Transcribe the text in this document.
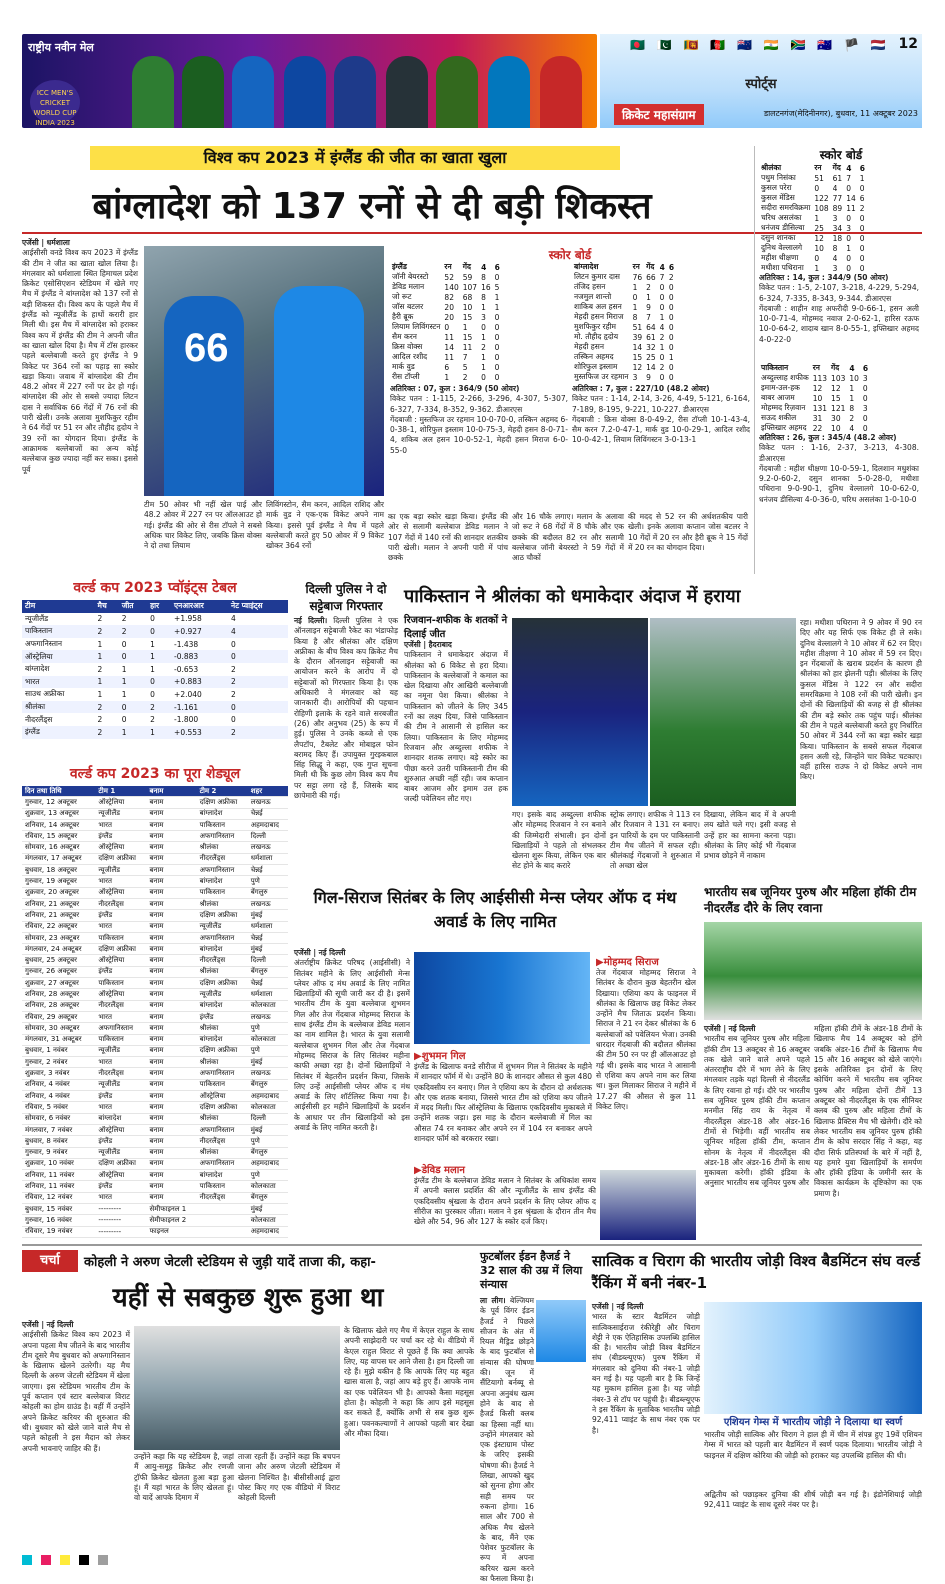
राष्ट्रीय नवीन मेल
ICC MEN'S CRICKET WORLD CUP INDIA 2023
🇧🇩 🇵🇰 🇱🇰 🇦🇫 🇳🇿 🇮🇳 🇿🇦 🇦🇺 🏴 🇳🇱 12
स्पोर्ट्स
क्रिकेट महासंग्राम	डालटनगंज(मेदिनीनगर), बुधवार, 11 अक्टूबर 2023
विश्व कप 2023 में इंग्लैंड की जीत का खाता खुला
बांग्लादेश को 137 रनों से दी बड़ी शिकस्त
एजेंसी | धर्मशाला
आईसीसी वनडे विश्व कप 2023 में इंग्लैंड की टीम ने जीत का खाता खोल लिया है। मंगलवार को धर्मशाला स्थित हिमाचल प्रदेश क्रिकेट एसोसिएशन स्टेडियम में खेले गए मैच में इंग्लैंड ने बांग्लादेश को 137 रनों से बड़ी शिकस्त दी। विश्व कप के पहले मैच में इंग्लैंड को न्यूजीलैंड के हाथों करारी हार मिली थी। इस मैच में बांग्लादेश को हराकर विश्व कप में इंग्लैंड की टीम ने अपनी जीत का खाता खोल दिया है। मैच में टॉस हारकर पहले बल्लेबाजी करते हुए इंग्लैंड ने 9 विकेट पर 364 रनों का पहाड़ सा स्कोर खड़ा किया। जवाब में बांग्लादेश की टीम 48.2 ओवर में 227 रनों पर ढेर हो गई। बांग्लादेश की ओर से सबसे ज्यादा लिटन दास ने सर्वाधिक 66 गेंदों में 76 रनों की पारी खेली। उनके अलावा मुशफिकुर रहीम ने 64 गेंदों पर 51 रन और तौहीद हृदोय ने 39 रनों का योगदान दिया। इंग्लैंड के आक्रामक बल्लेबाजों का अन्य कोई बल्लेबाज कुछ ज्यादा नहीं कर सका। इससे पूर्व
66
टीम 50 ओवर भी नहीं खेल पाई और 48.2 ओवर में 227 रन पर ऑलआउट हो गई। इंग्लैंड की ओर से रीस टॉपले ने सबसे अधिक चार विकेट लिए, जबकि क्रिस वोक्स ने दो तथा लियाम
लिविंगस्टोन, सैम करन, आदिल राशिद और मार्क वुड ने एक-एक विकेट अपने नाम किया। इससे पूर्व इंग्लैंड ने मैच में पहले बल्लेबाजी करते हुए 50 ओवर में 9 विकेट खोकर 364 रनों
का एक बड़ा स्कोर खड़ा किया। इंग्लैंड की ओर से सलामी बल्लेबाज डेविड मलान ने 107 गेंदों में 140 रनों की शानदार शतकीय पारी खेली। मलान ने अपनी पारी में पांच छक्के
और 16 चौके लगाए। मलान के अलावा जो रूट ने 68 गेंदों में 8 चौके और एक छक्के की बदौलत 82 रन और सलामी बल्लेबाज जॉनी बेयरस्टो ने 59 गेंदों में आठ चौकों
की मदद से 52 रन की अर्धशतकीय पारी खेली। इनके अलावा कप्तान जोस बटलर ने 10 गेंदों में 20 रन और हैरी ब्रूक ने 15 गेंदों में 20 रन का योगदान दिया।
स्कोर बोर्ड
इंग्लैंड	रन	गेंद	4	6
जॉनी बेयरस्टो	52	59	8	0
डेविड मलान	140	107	16	5
जो रूट	82	68	8	1
जॉस बटलर	20	10	1	1
हैरी ब्रूक	20	15	3	0
लियाम लिविंगस्टन	0	1	0	0
सैम करन	11	15	1	0
क्रिस वोक्स	14	11	2	0
आदिल रशीद	11	7	1	0
मार्क वुड	6	5	1	0
रीस टॉप्ली	1	2	0	0
बांग्लादेश	रन	गेंद	4	6
लिटन कुमार दास	76	66	7	2
तंजिद हसन	1	2	0	0
नजमुल शान्तो	0	1	0	0
शाकिब अल हसन	1	9	0	0
मेहदी हसन मिराज	8	7	1	0
मुशफिकुर रहीम	51	64	4	0
मो. तौहीद हृदोय	39	61	2	0
मेहदी हसन	14	32	1	0
तस्किन अहमद	15	25	0	1
शोरिफुल इस्लाम	12	14	2	0
मुस्तफिज उर रहमान	3	9	0	0
अतिरिक्त : 07, कुल : 364/9 (50 ओवर)
विकेट पतन : 1-115, 2-266, 3-296, 4-307, 5-307, 6-327, 7-334, 8-352, 9-362. डीआरएस
गेंदबाजी : मुस्तफिज उर रहमान 10-0-70-0, तस्किन अहमद 6-0-38-1, शोरिफुल इस्लाम 10-0-75-3, मेहदी हसन 8-0-71-4, शकिब अल हसन 10-0-52-1, मेहदी हसन मिराज 6-0-55-0
अतिरिक्त : 7, कुल : 227/10 (48.2 ओवर)
विकेट पतन : 1-14, 2-14, 3-26, 4-49, 5-121, 6-164, 7-189, 8-195, 9-221, 10-227. डीआरएस
गेंदबाजी : क्रिस वोक्स 8-0-49-2, रीस टॉप्ली 10-1-43-4, सैम करन 7.2-0-47-1, मार्क वुड 10-0-29-1, आदिल रशीद 10-0-42-1, लियाम लिविंगस्टन 3-0-13-1
स्कोर बोर्ड
श्रीलंका	रन	गेंद	4	6
पथुम निसंका	51	61	7	1
कुसल परेरा	0	4	0	0
कुसल मेंडिस	122	77	14	6
सदीरा समरविक्रमा	108	89	11	2
चरिथ असलंका	1	3	0	0
धनंजय डीसिल्वा	25	34	3	0
दसुन शानका	12	18	0	0
दुनिथ वेल्लालगे	10	8	1	0
महीश थीक्षणा	0	4	0	0
मथीशा पथिराना	1	3	0	0
अतिरिक्त : 14, कुल : 344/9 (50 ओवर)
विकेट पतन : 1-5, 2-107, 3-218, 4-229, 5-294, 6-324, 7-335, 8-343, 9-344. डीआरएस
गेंदबाजी : शाहीन शाह अफरीदी 9-0-66-1, हसन अली 10-0-71-4, मोहम्मद नवाज 2-0-62-1, हारिस रऊफ 10-0-64-2, शादाब खान 8-0-55-1, इफ्तिखार अहमद 4-0-22-0
पाकिस्तान	रन	गेंद	4	6
अब्दुल्लाह शफीक	113	103	10	3
इमाम-उल-हक	12	12	1	0
बाबर आजम	10	15	1	0
मोहम्मद रिज़वान	131	121	8	3
सऊद शकील	31	30	2	0
इफ्तिखार अहमद	22	10	4	0
अतिरिक्त : 26, कुल : 345/4 (48.2 ओवर)
विकेट पतन : 1-16, 2-37, 3-213, 4-308. डीआरएस
गेंदबाजी : महीश थीक्षणा 10-0-59-1, दिलशान मधुशंका 9.2-0-60-2, दसुन शानका 5-0-28-0, मथीशा पथिराना 9-0-90-1, दुनिथ वेल्लालगे 10-0-62-0, धनंजय डीसिल्वा 4-0-36-0, चरिथ असलंका 1-0-10-0
वर्ल्ड कप 2023 प्वॉइंट्स टेबल
टीम	मैच	जीत	हार	एनआरआर	नेट प्वाइंट्स
न्यूजीलैंड	2	2	0	+1.958	4
पाकिस्तान	2	2	0	+0.927	4
अफगानिस्तान	1	0	1	-1.438	0
ऑस्ट्रेलिया	1	0	1	-0.883	0
बांग्लादेश	2	1	1	-0.653	2
भारत	1	1	0	+0.883	2
साउथ अफ्रीका	1	1	0	+2.040	2
श्रीलंका	2	0	2	-1.161	0
नीदरलैंड्स	2	0	2	-1.800	0
इंग्लैंड	2	1	1	+0.553	2
वर्ल्ड कप 2023 का पूरा शेड्यूल
दिन तथा तिथि	टीम 1	बनाम	टीम 2	शहर
गुरुवार, 12 अक्टूबर	ऑस्ट्रेलिया	बनाम	दक्षिण अफ्रीका	लखनऊ
शुक्रवार, 13 अक्टूबर	न्यूजीलैंड	बनाम	बांग्लादेश	चेन्नई
शनिवार, 14 अक्टूबर	भारत	बनाम	पाकिस्तान	अहमदाबाद
रविवार, 15 अक्टूबर	इंग्लैंड	बनाम	अफगानिस्तान	दिल्ली
सोमवार, 16 अक्टूबर	ऑस्ट्रेलिया	बनाम	श्रीलंका	लखनऊ
मंगलवार, 17 अक्टूबर	दक्षिण अफ्रीका	बनाम	नीदरलैंड्स	धर्मशाला
बुधवार, 18 अक्टूबर	न्यूजीलैंड	बनाम	अफगानिस्तान	चेन्नई
गुरुवार, 19 अक्टूबर	भारत	बनाम	बांग्लादेश	पुणे
शुक्रवार, 20 अक्टूबर	ऑस्ट्रेलिया	बनाम	पाकिस्तान	बेंगलुरु
शनिवार, 21 अक्टूबर	नीदरलैंड्स	बनाम	श्रीलंका	लखनऊ
शनिवार, 21 अक्टूबर	इंग्लैंड	बनाम	दक्षिण अफ्रीका	मुंबई
रविवार, 22 अक्टूबर	भारत	बनाम	न्यूजीलैंड	धर्मशाला
सोमवार, 23 अक्टूबर	पाकिस्तान	बनाम	अफगानिस्तान	चेन्नई
मंगलवार, 24 अक्टूबर	दक्षिण अफ्रीका	बनाम	बांग्लादेश	मुंबई
बुधवार, 25 अक्टूबर	ऑस्ट्रेलिया	बनाम	नीदरलैंड्स	दिल्ली
गुरुवार, 26 अक्टूबर	इंग्लैंड	बनाम	श्रीलंका	बेंगलुरु
शुक्रवार, 27 अक्टूबर	पाकिस्तान	बनाम	दक्षिण अफ्रीका	चेन्नई
शनिवार, 28 अक्टूबर	ऑस्ट्रेलिया	बनाम	न्यूजीलैंड	धर्मशाला
शनिवार, 28 अक्टूबर	नीदरलैंड्स	बनाम	बांग्लादेश	कोलकाता
रविवार, 29 अक्टूबर	भारत	बनाम	इंग्लैंड	लखनऊ
सोमवार, 30 अक्टूबर	अफगानिस्तान	बनाम	श्रीलंका	पुणे
मंगलवार, 31 अक्टूबर	पाकिस्तान	बनाम	बांग्लादेश	कोलकाता
बुधवार, 1 नवंबर	न्यूजीलैंड	बनाम	दक्षिण अफ्रीका	पुणे
गुरुवार, 2 नवंबर	भारत	बनाम	श्रीलंका	मुंबई
शुक्रवार, 3 नवंबर	नीदरलैंड्स	बनाम	अफगानिस्तान	लखनऊ
शनिवार, 4 नवंबर	न्यूजीलैंड	बनाम	पाकिस्तान	बेंगलुरु
शनिवार, 4 नवंबर	इंग्लैंड	बनाम	ऑस्ट्रेलिया	अहमदाबाद
रविवार, 5 नवंबर	भारत	बनाम	दक्षिण अफ्रीका	कोलकाता
सोमवार, 6 नवंबर	बांग्लादेश	बनाम	श्रीलंका	दिल्ली
मंगलवार, 7 नवंबर	ऑस्ट्रेलिया	बनाम	अफगानिस्तान	मुंबई
बुधवार, 8 नवंबर	इंग्लैंड	बनाम	नीदरलैंड्स	पुणे
गुरुवार, 9 नवंबर	न्यूजीलैंड	बनाम	श्रीलंका	बेंगलुरु
शुक्रवार, 10 नवंबर	दक्षिण अफ्रीका	बनाम	अफगानिस्तान	अहमदाबाद
शनिवार, 11 नवंबर	ऑस्ट्रेलिया	बनाम	बांग्लादेश	पुणे
शनिवार, 11 नवंबर	इंग्लैंड	बनाम	पाकिस्तान	कोलकाता
रविवार, 12 नवंबर	भारत	बनाम	नीदरलैंड्स	बेंगलुरु
बुधवार, 15 नवंबर	---------	सेमीफाइनल 1		मुंबई
गुरुवार, 16 नवंबर	---------	सेमीफाइनल 2		कोलकाता
रविवार, 19 नवंबर	---------	फाइनल		अहमदाबाद
दिल्ली पुलिस ने दो सट्टेबाज गिरफ्तार
नई दिल्ली। दिल्ली पुलिस ने एक ऑनलाइन सट्टेबाजी रैकेट का भंडाफोड़ किया है और श्रीलंका और दक्षिण अफ्रीका के बीच विश्व कप क्रिकेट मैच के दौरान ऑनलाइन सट्टेबाजी का आयोजन करने के आरोप में दो सट्टेबाजों को गिरफ्तार किया है। एक अधिकारी ने मंगलवार को यह जानकारी दी। आरोपियों की पहचान रोहिणी इलाके के रहने वाले सरबजीत (26) और अनुभव (25) के रूप में हुई। पुलिस ने उनके कब्जे से एक लैपटॉप, टैबलेट और मोबाइल फोन बरामद किए हैं। उपायुक्त गुरइकबाल सिंह सिद्धू ने कहा, एक गुप्त सूचना मिली थी कि कुछ लोग विश्व कप मैच पर सट्टा लगा रहे हैं, जिसके बाद छापेमारी की गई।
पाकिस्तान ने श्रीलंका को धमाकेदार अंदाज में हराया
रिजवान-शफीक के शतकों ने दिलाई जीत
एजेंसी | हैदराबाद
पाकिस्तान ने धमाकेदार अंदाज में श्रीलंका को 6 विकेट से हरा दिया। पाकिस्तान के बल्लेबाजों ने कमाल का खेल दिखाया और आखिरी बल्लेबाजी का नमूना पेश किया। श्रीलंका ने पाकिस्तान को जीतने के लिए 345 रनों का लक्ष्य दिया, जिसे पाकिस्तान की टीम ने आसानी से हासिल कर लिया। पाकिस्तान के लिए मोहम्मद रिजवान और अब्दुल्ला शफीक ने शानदार शतक लगाए। बड़े स्कोर का पीछा करने उतरी पाकिस्तानी टीम की शुरुआत अच्छी नहीं रही। जब कप्तान बाबर आजम और इमाम उल हक जल्दी पवेलियन लौट गए।
गए। इसके बाद अब्दुल्ला शफीक और मोहम्मद रिजवान ने रन बनाने की जिम्मेदारी संभाली। इन दोनों खिलाड़ियों ने पहले तो संभलकर खेलना शुरू किया, लेकिन एक बार सेट होने के बाद करारे
स्ट्रोक लगाए। शफीक ने 113 रन और रिजवान ने 131 रन बनाए। इन पारियों के दम पर पाकिस्तानी टीम मैच जीतने में सफल रही। श्रीलंकाई गेंदबाजों ने शुरुआत में तो अच्छा खेल
दिखाया, लेकिन बाद में वे अपनी लय खोते चले गए। इसी वजह से उन्हें हार का सामना करना पड़ा। श्रीलंका के लिए कोई भी गेंदबाज प्रभाव छोड़ने में नाकाम
रहा। मथीशा पथिराना ने 9 ओवर में 90 रन दिए और यह सिर्फ एक विकेट ही ले सके। दुनिथ वेल्लालगे ने 10 ओवर में 62 रन दिए। महीश तीक्षणा ने 10 ओवर में 59 रन दिए। इन गेंदबाजों के खराब प्रदर्शन के कारण ही श्रीलंका को हार झेलनी पड़ी। श्रीलंका के लिए कुसल मेंडिस ने 122 रन और सदीरा समरविक्रमा ने 108 रनों की पारी खेली। इन दोनों की खिलाड़ियों की वजह से ही श्रीलंका की टीम बड़े स्कोर तक पहुंच पाई। श्रीलंका की टीम ने पहले बल्लेबाजी करते हुए निर्धारित 50 ओवर में 344 रनों का बड़ा स्कोर खड़ा किया। पाकिस्तान के सबसे सफल गेंदबाज हसन अली रहे, जिन्होंने चार विकेट चटकाए। वहीं हारिस राउफ ने दो विकेट अपने नाम किए।
गिल-सिराज सितंबर के लिए आईसीसी मेन्स प्लेयर ऑफ द मंथ अवार्ड के लिए नामित
एजेंसी | नई दिल्ली
अंतर्राष्ट्रीय क्रिकेट परिषद (आईसीसी) ने सितंबर महीने के लिए आईसीसी मेन्स प्लेयर ऑफ द मंथ अवार्ड के लिए नामित खिलाड़ियों की सूची जारी कर दी है। इसमें भारतीय टीम के युवा बल्लेबाज शुभमन गिल और तेज गेंदबाज मोहम्मद सिराज के साथ इंग्लैंड टीम के बल्लेबाज डेविड मलान का नाम शामिल है। भारत के युवा सलामी बल्लेबाज शुभमन गिल और तेज गेंदबाज मोहम्मद सिराज के लिए सितंबर महीना काफी अच्छा रहा है। दोनों खिलाड़ियों ने सितंबर में बेहतरीन प्रदर्शन किया, जिसके लिए उन्हें आईसीसी प्लेयर ऑफ द मंथ अवार्ड के लिए शॉर्टलिस्ट किया गया है। आईसीसी हर महीने खिलाड़ियों के प्रदर्शन के आधार पर तीन खिलाड़ियों को इस अवार्ड के लिए नामित करती है।
▶मोहम्मद सिराज
तेज गेंदबाज मोहम्मद सिराज ने सितंबर के दौरान कुछ बेहतरीन खेल दिखाया। एशिया कप के फाइनल में श्रीलंका के खिलाफ छह विकेट लेकर उन्होंने मैच जिताऊ प्रदर्शन किया। सिराज ने 21 रन देकर श्रीलंका के 6 बल्लेबाजों को पवेलियन भेजा। उनकी धारदार गेंदबाजी की बदौलत श्रीलंका की टीम 50 रन पर ही ऑलआउट हो गई थी। इसके बाद भारत ने आसानी से एशिया कप अपने नाम कर लिया था। कुल मिलाकर सिराज ने महीने में 17.27 की औसत से कुल 11 विकेट लिए।
▶शुभमन गिल
इंग्लैंड के खिलाफ वनडे सीरीज में शुभमन गिल ने सितंबर के महीने में शानदार फॉर्म में थे। उन्होंने 80 के शानदार औसत से कुल 480 एकदिवसीय रन बनाए। गिल ने एशिया कप के दौरान दो अर्धशतक और एक शतक बनाया, जिससे भारत टीम को एशिया कप जीतने में मदद मिली। फिर ऑस्ट्रेलिया के खिलाफ एकदिवसीय मुकाबले में उन्होंने शतक जड़ा। इस माह के दौरान बल्लेबाजी में गिल का औसत 74 रन बनाकर और अपने रन में 104 रन बनाकर अपने शानदार फॉर्म को बरकरार रखा।
▶डेविड मलान
इंग्लैंड टीम के बल्लेबाज डेविड मलान ने सितंबर के अधिकांश समय में अपनी क्लास प्रदर्शित की और न्यूजीलैंड के साथ इंग्लैंड की एकदिवसीय श्रृंखला के दौरान अपने प्रदर्शन के लिए प्लेयर ऑफ द सीरीज का पुरस्कार जीता। मलान ने इस श्रृंखला के दौरान तीन मैच खेले और 54, 96 और 127 के स्कोर दर्ज किए।
भारतीय सब जूनियर पुरुष और महिला हॉकी टीम नीदरलैंड दौरे के लिए रवाना
एजेंसी | नई दिल्ली
भारतीय सब जूनियर पुरुष और महिला हॉकी टीम 13 अक्टूबर से 16 अक्टूबर तक खेले जाने वाले अपने पहले अंतरराष्ट्रीय दौरे में भाग लेने के लिए मंगलवार तड़के यहां दिल्ली से नीदरलैंड के लिए रवाना हो गई। दौरे पर भारतीय सब जूनियर पुरुष हॉकी टीम कप्तान मनमीत सिंह राय के नेतृत्व में नीदरलैंड्स अंडर-18 और अंडर-16 टीमों से भिड़ेगी। वहीं भारतीय सब जूनियर महिला हॉकी टीम, कप्तान सोनम के नेतृत्व में नीदरलैंड्स की अंडर-18 और अंडर-16 टीमों के साथ मुकाबला करेगी। हॉकी इंडिया के अनुसार भारतीय सब जूनियर पुरुष और
महिला हॉकी टीमें के अंडर-18 टीमों के खिलाफ मैच 14 अक्टूबर को होंगे जबकि अंडर-16 टीमों के खिलाफ मैच 15 और 16 अक्टूबर को खेले जाएंगे। इसके अतिरिक्त इन दोनों के लिए कोचिंग करने में भारतीय सब जूनियर पुरुष और महिला दोनों टीमें 13 अक्टूबर को नीदरलैंड्स के एक सीनियर क्लब की पुरुष और महिला टीमों के खिलाफ प्रैक्टिस मैच भी खेलेगी। दौरे को लेकर भारतीय सब जूनियर पुरुष हॉकी टीम के कोच सरदार सिंह ने कहा, यह दौरा सिर्फ प्रतिस्पर्धा के बारे में नहीं है, यह हमारे युवा खिलाड़ियों के समर्पण और हॉकी इंडिया के जमीनी स्तर के विकास कार्यक्रम के दृष्टिकोण का एक प्रमाण है।
चर्चा	कोहली ने अरुण जेटली स्टेडियम से जुड़ी यादें ताजा की, कहा-
यहीं से सबकुछ शुरू हुआ था
एजेंसी | नई दिल्ली
आईसीसी क्रिकेट विश्व कप 2023 में अपना पहला मैच जीतने के बाद भारतीय टीम दूसरे मैच बुधवार को अफगानिस्तान के खिलाफ खेलने उतरेगी। यह मैच दिल्ली के अरुण जेटली स्टेडियम में खेला जाएगा। इस स्टेडियम भारतीय टीम के पूर्व कप्तान एवं स्टार बल्लेबाज विराट कोहली का होम ग्राउंड है। वहीं मैं उन्होंने अपने क्रिकेट करियर की शुरुआत की थी। बुधवार को खेले जाने वाले मैच से पहले कोहली ने इस मैदान को लेकर अपनी भावनाएं जाहिर की हैं।
उन्होंने कहा कि यह स्टेडियम है, जहां मैं आयु-समूह क्रिकेट और रणजी ट्रॉफी क्रिकेट खेलता हुआ बड़ा हुआ हूं। मैं यहां भारत के लिए खेलता हूं। वो यादें आपके दिमाग में
ताजा रहती हैं। उन्होंने कहा कि बचपन जाना और अरुण जेटली स्टेडियम में खेलना निश्चित है। बीसीसीआई द्वारा पोस्ट किए गए एक वीडियो में विराट कोहली दिल्ली
के खिलाफ खेले गए मैच में केएल राहुल के साथ अपनी साझेदारी पर चर्चा कर रहे थे। वीडियो में केएल राहुल विराट से पूछते हैं कि क्या आपके लिए, यह वापस घर आने जैसा है। हम दिल्ली जा रहे हैं। मुझे यकीन है कि आपके लिए यह बहुत खास वाला है, जहां आप बड़े हुए हैं। आपके नाम का एक पवेलियन भी है। आपको कैसा महसूस होता है। कोहली ने कहा कि आप इसे महसूस कर सकते हैं, क्योंकि अभी से सब कुछ शुरू हुआ। पवनकल्याणों ने आपको पहली बार देखा और मौका दिया।
फुटबॉलर ईडन हैजर्ड ने 32 साल की उम्र में लिया संन्यास
ला लीग। बेल्जियम के पूर्व विंगर ईडन हैजर्ड ने पिछले सीजन के अंत में रियल मैड्रिड छोड़ने के बाद फुटबॉल से संन्यास की घोषणा की। जून में सैंटियागो बर्नब्यू से अपना अनुबंध खत्म होने के बाद से हैजर्ड किसी क्लब का हिस्सा नहीं था। उन्होंने मंगलवार को एक इंस्टाग्राम पोस्ट के जरिए इसकी घोषणा की। हैजर्ड ने लिखा, आपको खुद को सुनना होगा और सही समय पर रुकना होगा। 16 साल और 700 से अधिक मैच खेलने के बाद, मैंने एक पेशेवर फुटबॉलर के रूप में अपना करियर खत्म करने का फैसला किया है।
सात्विक व चिराग की भारतीय जोड़ी विश्व बैडमिंटन संघ वर्ल्ड रैंकिंग में बनी नंबर-1
एजेंसी | नई दिल्ली
भारत के स्टार बैडमिंटन जोड़ी सात्विकसाईराज रंकीरेड्डी और चिराग शेट्टी ने एक ऐतिहासिक उपलब्धि हासिल की है। भारतीय जोड़ी विश्व बैडमिंटन संघ (बीडब्ल्यूएफ) पुरुष रैंकिंग में मंगलवार को दुनिया की नंबर-1 जोड़ी बन गई है। यह पहली बार है कि जिन्हें यह मुकाम हासिल हुआ है। यह जोड़ी नंबर-3 से टॉप पर पहुंची है। बीडब्ल्यूएफ ने इस रैंकिंग के मुताबिक भारतीय जोड़ी 92,411 प्वाइंट के साथ नंबर एक पर है।
एशियन गेम्स में भारतीय जोड़ी ने दिलाया था स्वर्ण
भारतीय जोड़ी सात्विक और चिराग ने हाल ही में चीन में संपन्न हुए 19वें एशियन गेम्स में भारत को पहली बार बैडमिंटन में स्वर्ण पदक दिलाया। भारतीय जोड़ी ने फाइनल में दक्षिण कोरिया की जोड़ी को हराकर यह उपलब्धि हासिल की थी।
अद्वितीय को पछाड़कर दुनिया की शीर्ष जोड़ी बन गई है। इंडोनेशियाई जोड़ी 92,411 प्वाइंट के साथ दूसरे नंबर पर है।
